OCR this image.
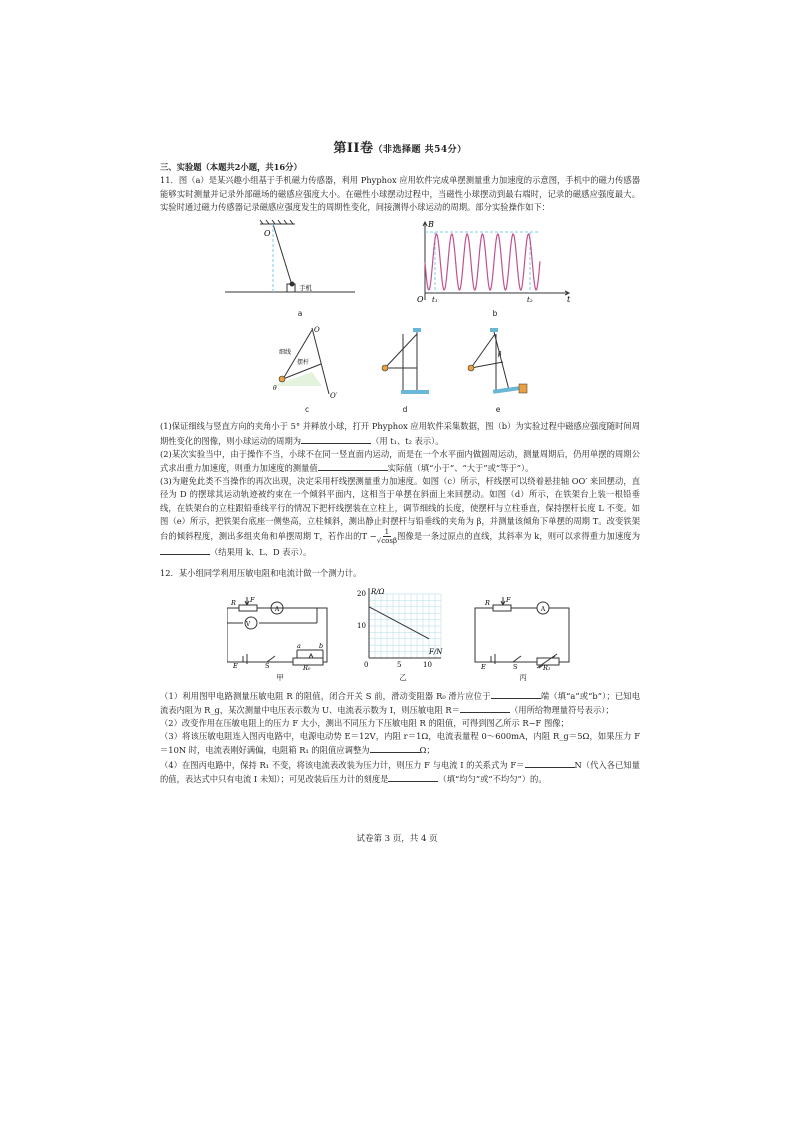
第II卷（非选择题 共54分）
三、实验题（本题共2小题，共16分）

11．图（a）是某兴趣小组基于手机磁力传感器，利用 Phyphox 应用软件完成单摆测量重力加速度的示意图，手机中的磁力传感器能够实时测量并记录外部磁场的磁感应强度大小。在磁性小球摆动过程中，当磁性小球摆动到最右端时，记录的磁感应强度最大。实验时通过磁力传感器记录磁感应强度发生的周期性变化，间接测得小球运动的周期。部分实验操作如下：

O
手机
a
B
O t₁	t₂	t
b
O
O′
细线
摆杆
θ
c	d
β
e

(1)保证细线与竖直方向的夹角小于 5° 并释放小球，打开 Phyphox 应用软件采集数据，图（b）为实验过程中磁感应强度随时间周期性变化的图像，则小球运动的周期为	（用 t₁、t₂ 表示）。

(2)某次实验当中，由于操作不当，小球不在同一竖直面内运动，而是在一个水平面内做圆周运动，测量周期后，仍用单摆的周期公式求出重力加速度，则重力加速度的测量值	实际值（填“小于”、“大于”或“等于”）。

(3)为避免此类不当操作的再次出现，决定采用杆线摆测量重力加速度。如图（c）所示，杆线摆可以绕着悬挂轴 OO′ 来回摆动，直径为 D 的摆球其运动轨迹被约束在一个倾斜平面内，这相当于单摆在斜面上来回摆动。如图（d）所示，在铁架台上装一根铅垂线，在铁架台的立柱跟铅垂线平行的情况下把杆线摆装在立柱上，调节细线的长度，使摆杆与立柱垂直，保持摆杆长度 L 不变。如图（e）所示，把铁架台底座一侧垫高，立柱倾斜，测出静止时摆杆与铅垂线的夹角为 β，并测量该倾角下单摆的周期 T。改变铁架台的倾斜程度，测出多组夹角和单摆周期 T，若作出的$T - \frac{1}{√\cos\beta}$ 图像是一条过原点的直线，其斜率为 k，则可以求得重力加速度为（结果用 k、L、D 表示）。

12．某小组同学利用压敏电阻和电流计做一个测力计。

V
A
F
R
a	b
E	S	R₀
甲
R/Ω
20
10
0	5	10
F/N
乙
A
F
R
E	S	R₁
丙

（1）利用图甲电路测量压敏电阻 R 的阻值，闭合开关 S 前，滑动变阻器 R₀ 滑片应位于	端（填“a”或“b”）；已知电流表内阻为 R_g，某次测量中电压表示数为 U、电流表示数为 I，则压敏电阻 R＝	（用所给物理量符号表示）；

（2）改变作用在压敏电阻上的压力 F 大小，测出不同压力下压敏电阻 R 的阻值，可得到图乙所示 R−F 图像；

（3）将该压敏电阻连入图丙电路中，电源电动势 E＝12V，内阻 r＝1Ω，电流表量程 0～600mA，内阻 R_g＝5Ω，如果压力 F＝10N 时，电流表刚好满偏，电阻箱 R₁ 的阻值应调整为	Ω；

（4）在图丙电路中，保持 R₁ 不变，将该电流表改装为压力计，则压力 F 与电流 I 的关系式为 F＝	N（代入各已知量的值，表达式中只有电流 I 未知）；可见改装后压力计的刻度是	（填“均匀”或“不均匀”）的。

试卷第 3 页，共 4 页
